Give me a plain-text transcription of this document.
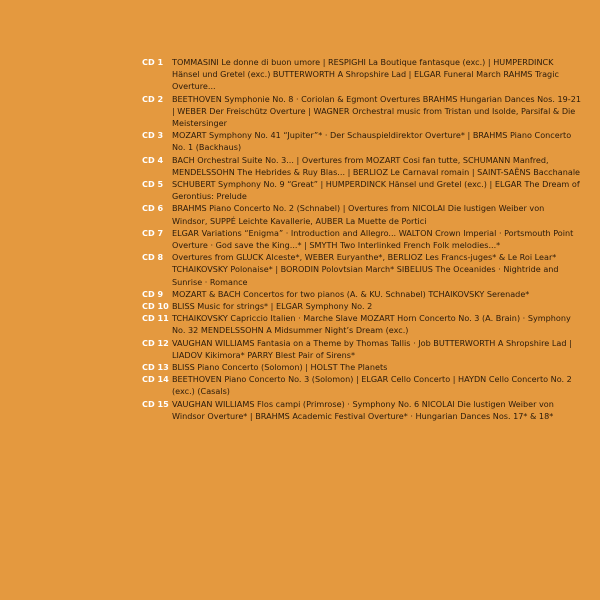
CD 1	TOMMASINI Le donne di buon umore | RESPIGHI La Boutique fantasque (exc.) | HUMPERDINCK Hänsel und Gretel (exc.) BUTTERWORTH A Shropshire Lad | ELGAR Funeral March RAHMS Tragic Overture...
CD 2	BEETHOVEN Symphonie No. 8 · Coriolan & Egmont Overtures BRAHMS Hungarian Dances Nos. 19-21 | WEBER Der Freischütz Overture | WAGNER Orchestral music from Tristan und Isolde, Parsifal & Die Meistersinger
CD 3	MOZART Symphony No. 41 “Jupiter”* · Der Schauspieldirektor Overture* | BRAHMS Piano Concerto No. 1 (Backhaus)
CD 4	BACH Orchestral Suite No. 3... | Overtures from MOZART Cosi fan tutte, SCHUMANN Manfred, MENDELSSOHN The Hebrides & Ruy Blas... | BERLIOZ Le Carnaval romain | SAINT-SAËNS Bacchanale
CD 5	SCHUBERT Symphony No. 9 “Great” | HUMPERDINCK Hänsel und Gretel (exc.) | ELGAR The Dream of Gerontius: Prelude
CD 6	BRAHMS Piano Concerto No. 2 (Schnabel) | Overtures from NICOLAI Die lustigen Weiber von Windsor, SUPPÉ Leichte Kavallerie, AUBER La Muette de Portici
CD 7	ELGAR Variations “Enigma” · Introduction and Allegro... WALTON Crown Imperial · Portsmouth Point Overture · God save the King...* | SMYTH Two Interlinked French Folk melodies...*
CD 8	Overtures from GLUCK Alceste*, WEBER Euryanthe*, BERLIOZ Les Francs-juges* & Le Roi Lear* TCHAIKOVSKY Polonaise* | BORODIN Polovtsian March* SIBELIUS The Oceanides · Nightride and Sunrise · Romance
CD 9	MOZART & BACH Concertos for two pianos (A. & KU. Schnabel) TCHAIKOVSKY Serenade*
CD 10 BLISS Music for strings* | ELGAR Symphony No. 2
CD 11 TCHAIKOVSKY Capriccio Italien · Marche Slave MOZART Horn Concerto No. 3 (A. Brain) · Symphony No. 32 MENDELSSOHN A Midsummer Night’s Dream (exc.)
CD 12 VAUGHAN WILLIAMS Fantasia on a Theme by Thomas Tallis · Job BUTTERWORTH A Shropshire Lad | LIADOV Kikimora* PARRY Blest Pair of Sirens*
CD 13 BLISS Piano Concerto (Solomon) | HOLST The Planets
CD 14 BEETHOVEN Piano Concerto No. 3 (Solomon) | ELGAR Cello Concerto | HAYDN Cello Concerto No. 2 (exc.) (Casals)
CD 15 VAUGHAN WILLIAMS Flos campi (Primrose) · Symphony No. 6 NICOLAI Die lustigen Weiber von Windsor Overture* | BRAHMS Academic Festival Overture* · Hungarian Dances Nos. 17* & 18*
